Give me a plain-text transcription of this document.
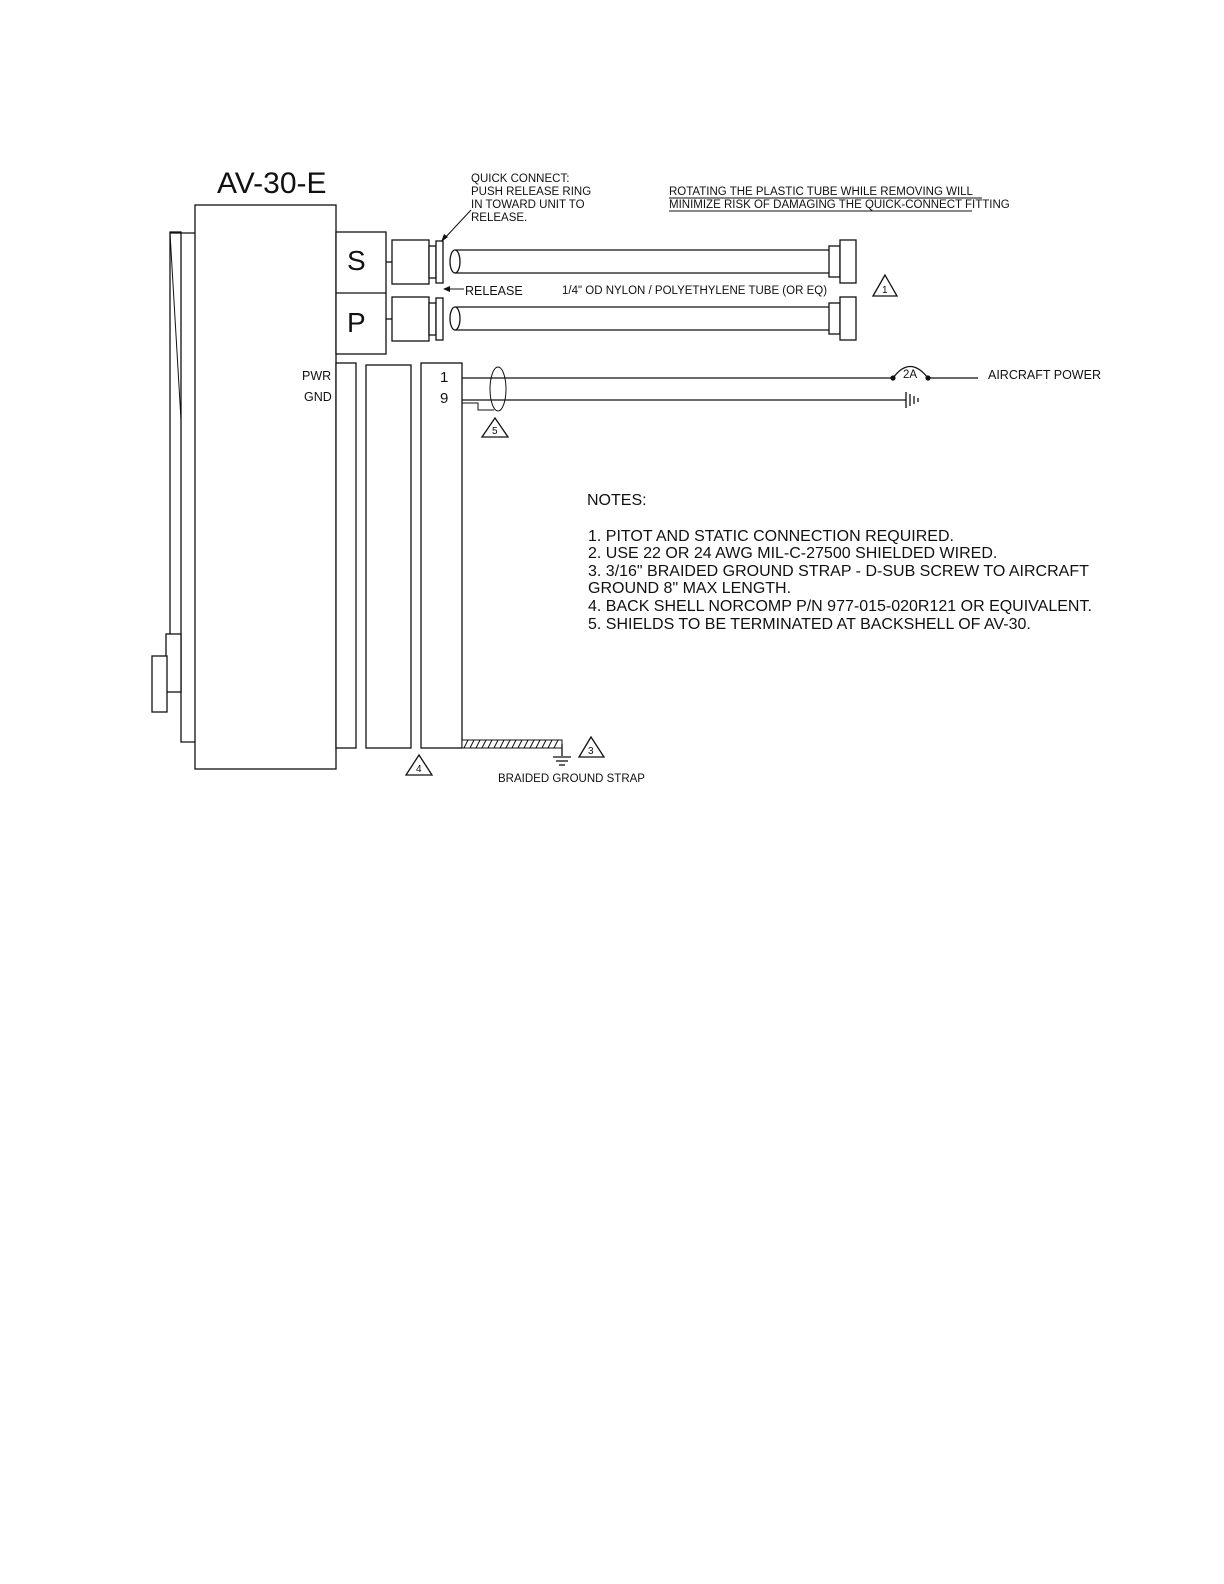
AV-30-E
S
P
QUICK CONNECT:
PUSH RELEASE RING
IN TOWARD UNIT TO
RELEASE.
ROTATING THE PLASTIC TUBE WHILE REMOVING WILL
MINIMIZE RISK OF DAMAGING THE QUICK-CONNECT FITTING
RELEASE	1/4" OD NYLON / POLYETHYLENE TUBE (OR EQ)	1
PWR
GND
1
9
2A	AIRCRAFT POWER
5
3
4
BRAIDED GROUND STRAP
NOTES:
1. PITOT AND STATIC CONNECTION REQUIRED.
2. USE 22 OR 24 AWG MIL-C-27500 SHIELDED WIRED.
3. 3/16" BRAIDED GROUND STRAP - D-SUB SCREW TO AIRCRAFT
GROUND 8" MAX LENGTH.
4. BACK SHELL NORCOMP P/N 977-015-020R121 OR EQUIVALENT.
5. SHIELDS TO BE TERMINATED AT BACKSHELL OF AV-30.
